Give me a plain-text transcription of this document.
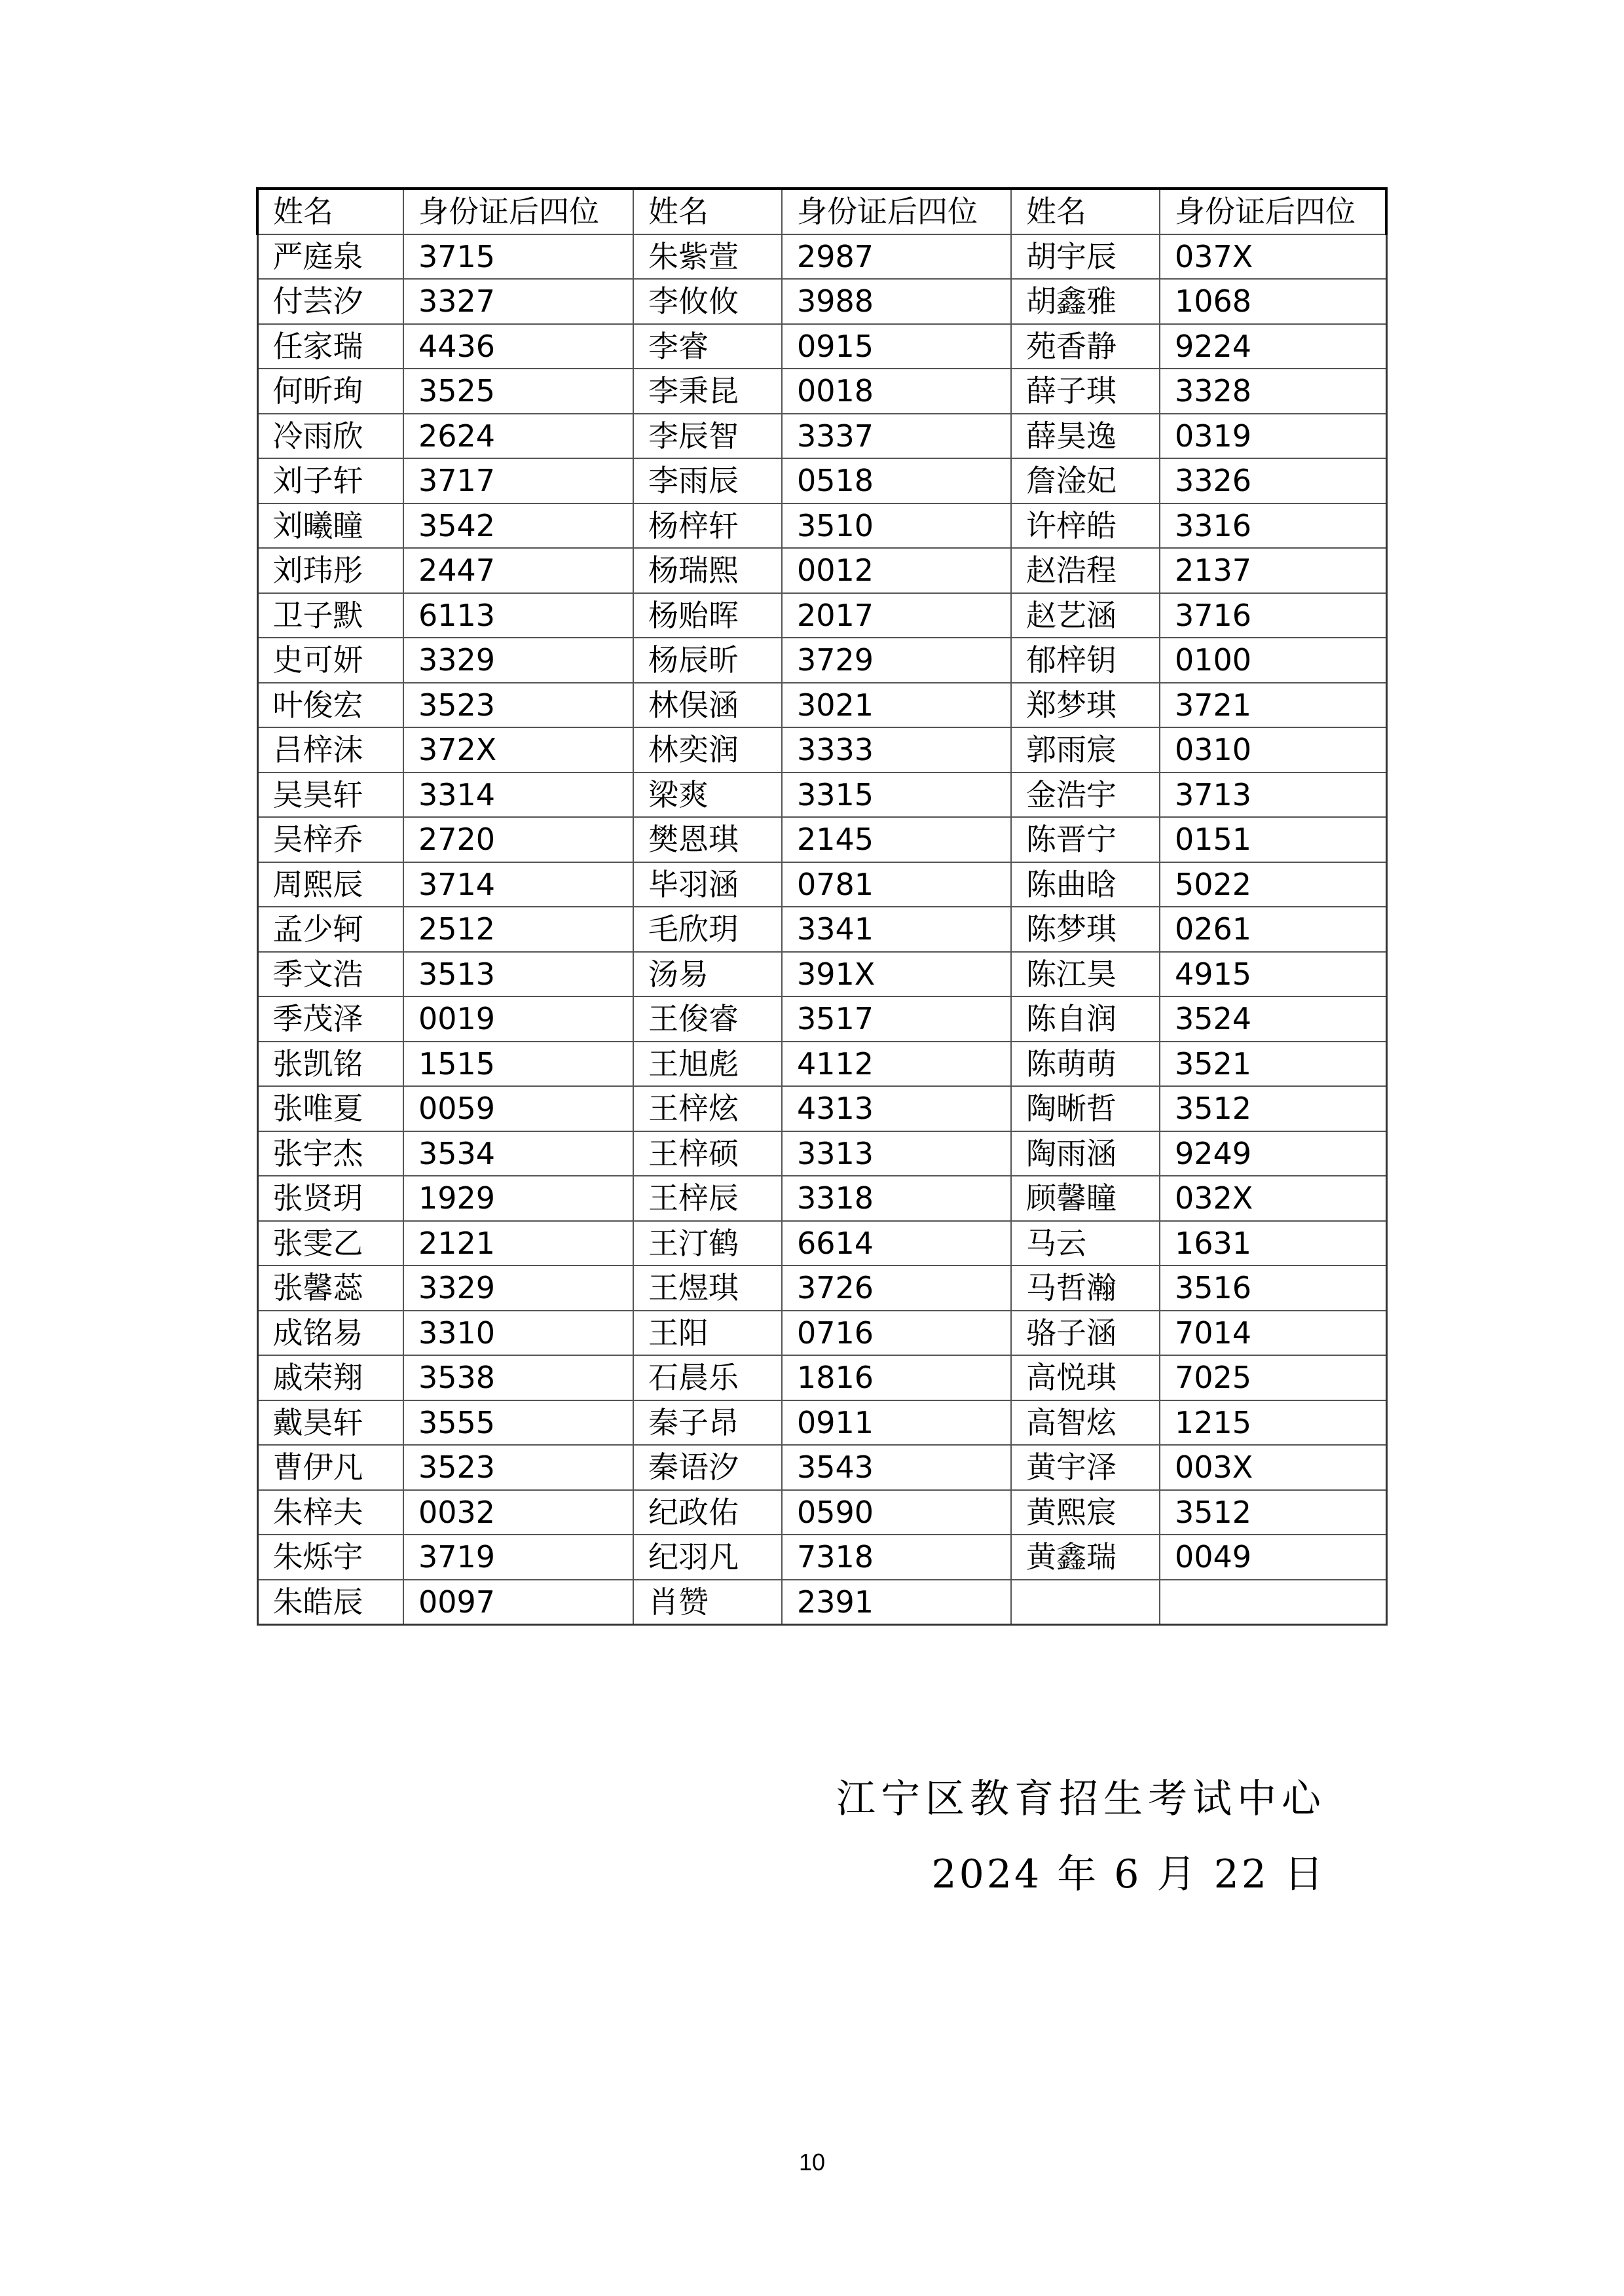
姓名	身份证后四位	姓名	身份证后四位	姓名	身份证后四位
严庭泉	3715	朱紫萱	2987	胡宇辰	037X
付芸汐	3327	李攸攸	3988	胡鑫雅	1068
任家瑞	4436	李睿	0915	苑香静	9224
何昕珣	3525	李秉昆	0018	薛子琪	3328
冷雨欣	2624	李辰智	3337	薛昊逸	0319
刘子轩	3717	李雨辰	0518	詹淦妃	3326
刘曦瞳	3542	杨梓轩	3510	许梓皓	3316
刘玮彤	2447	杨瑞熙	0012	赵浩程	2137
卫子默	6113	杨贻晖	2017	赵艺涵	3716
史可妍	3329	杨辰昕	3729	郁梓钥	0100
叶俊宏	3523	林俣涵	3021	郑梦琪	3721
吕梓沫	372X	林奕润	3333	郭雨宸	0310
吴昊轩	3314	梁爽	3315	金浩宇	3713
吴梓乔	2720	樊恩琪	2145	陈晋宁	0151
周熙辰	3714	毕羽涵	0781	陈曲晗	5022
孟少轲	2512	毛欣玥	3341	陈梦琪	0261
季文浩	3513	汤易	391X	陈江昊	4915
季茂泽	0019	王俊睿	3517	陈自润	3524
张凯铭	1515	王旭彪	4112	陈萌萌	3521
张唯夏	0059	王梓炫	4313	陶晰哲	3512
张宇杰	3534	王梓硕	3313	陶雨涵	9249
张贤玥	1929	王梓辰	3318	顾馨瞳	032X
张雯乙	2121	王汀鹤	6614	马云	1631
张馨蕊	3329	王煜琪	3726	马哲瀚	3516
成铭易	3310	王阳	0716	骆子涵	7014
戚荣翔	3538	石晨乐	1816	高悦琪	7025
戴昊轩	3555	秦子昂	0911	高智炫	1215
曹伊凡	3523	秦语汐	3543	黄宇泽	003X
朱梓夫	0032	纪政佑	0590	黄熙宸	3512
朱烁宇	3719	纪羽凡	7318	黄鑫瑞	0049
朱皓辰	0097	肖赞	2391		
江宁区教育招生考试中心
2024 年 6 月 22 日
10
